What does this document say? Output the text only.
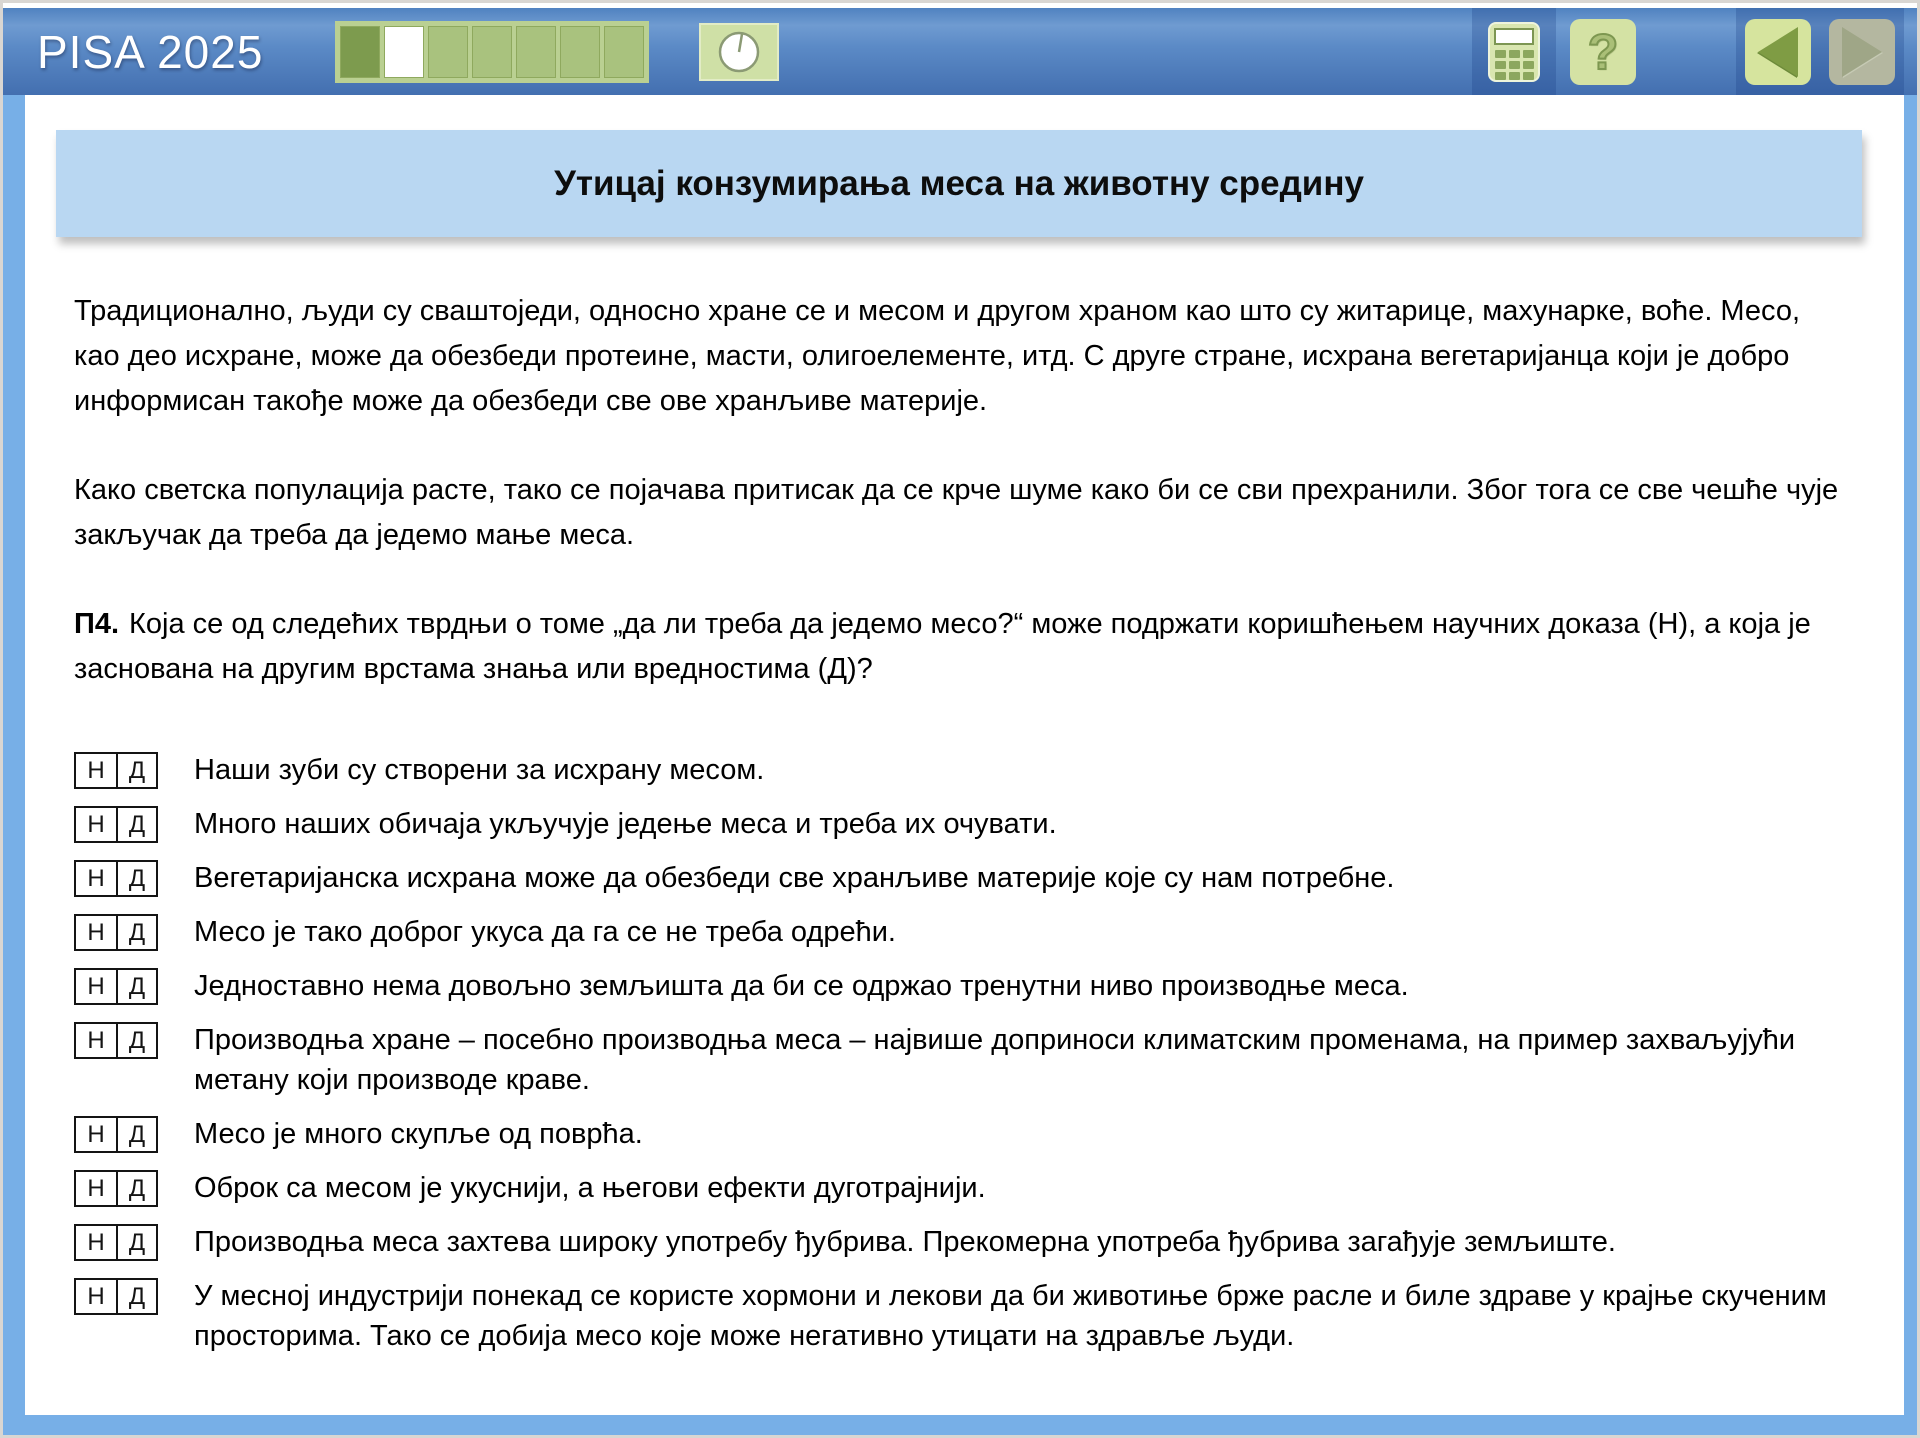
PISA 2025	?
Утицај конзумирања меса на животну средину

Традиционално, људи су сваштоједи, односно хране се и месом и другом храном као што су житарице, махунарке, воће. Месо, као део исхране, може да обезбеди протеине, масти, олигоелементе, итд. С друге стране, исхрана вегетаријанца који је добро информисан такође може да обезбеди све ове хранљиве материје.

Како светска популација расте, тако се појачава притисак да се крче шуме како би се сви прехранили. Због тога се све чешће чује закључак да треба да једемо мање меса.

П4. Која се од следећих тврдњи о томе „да ли треба да једемо месо?“ може подржати коришћењем научних доказа (Н), а која је заснована на другим врстама знања или вредностима (Д)?

Н	Д	Наши зуби су створени за исхрану месом.
Н	Д	Много наших обичаја укључује једење меса и треба их очувати.
Н	Д	Вегетаријанска исхрана може да обезбеди све хранљиве материје које су нам потребне.
Н	Д	Месо је тако доброг укуса да га се не треба одрећи.
Н	Д	Једноставно нема довољно земљишта да би се одржао тренутни ниво производње меса.
Н	Д	Производња хране – посебно производња меса – највише доприноси климатским променама, на пример захваљујући метану који производе краве.
Н	Д	Месо је много скупље од поврћа.
Н	Д	Оброк са месом је укуснији, а његови ефекти дуготрајнији.
Н	Д	Производња меса захтева широку употребу ђубрива. Прекомерна употреба ђубрива загађује земљиште.
Н	Д	У месној индустрији понекад се користе хормони и лекови да би животиње брже расле и биле здраве у крајње скученим просторима. Тако се добија месо које може негативно утицати на здравље људи.
